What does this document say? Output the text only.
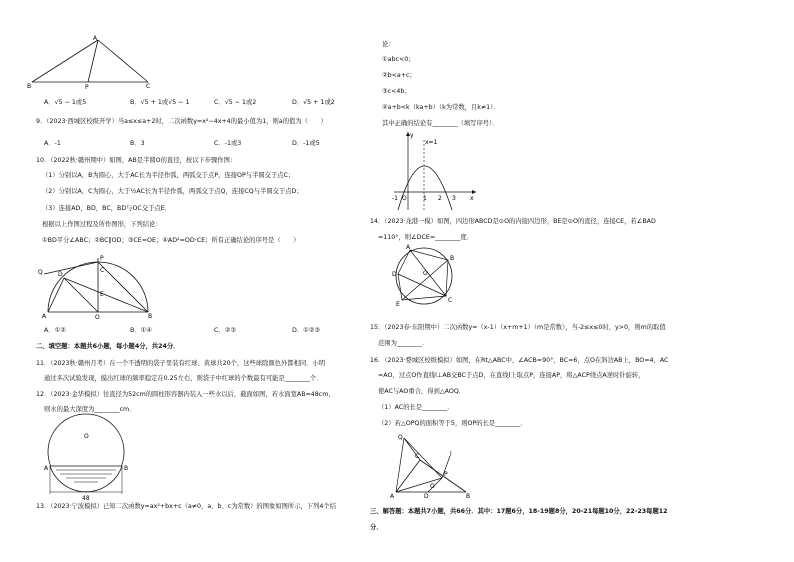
A
B	C
P
A．√5 − 1或5	B．√5 + 1或√5 − 1	C．√5 − 1或2	D．√5 + 1或2
9．（2023·西城区校级开学）当a≤x≤a+2时，二次函数y=x²−4x+4的最小值为1，则a的值为（　　）
A．-1	B．3	C．-1或3	D．-1或5
10．（2022秋·赣州期中）如图，AB是半圆O的直径，按以下步骤作图：
（1）分别以A，B为圆心，大于AC长为半径作弧，两弧交于点P，连接OP与半圆交于点C；
（2）分别以A，C为圆心，大于½AC长为半径作弧，两弧交于点Q，连接CQ与半圆交于点D；
（3）连接AD，BD，BC，BD与OC交于点E．
根据以上作图过程及所作图形，下列结论：
①BD平分∠ABC；②BC∥OD；③CE=OE；④AD²=OD·CE；所有正确结论的序号是（　　）
Q	D
P
C
E
A	O	B
A．①②	B．①④	C．②③	D．①②③
二、填空题：本题共6小题，每小题4分，共24分．
11．（2023秋·赣州月考）在一个不透明的袋子里装有红球、黄球共20个，这些球除颜色外都相同．小明
通过多次试验发现，摸出红球的频率稳定在0.25左右，则袋子中红球的个数最有可能是________个．
12．（2023·金华模拟）往直径为52cm的圆柱形容器内装入一些水以后，截面如图，若水面宽AB=48cm，
则水的最大深度为________cm．
O
A	B
48
13．（2023·宁波模拟）已知二次函数y=ax²+bx+c（a≠0，a、b、c为常数）的图象如图所示，下列4个结
论：
①abc<0；
②b<a+c；
③c<4b；
④a+b<k（ka+b）（k为常数，且k≠1）．
其中正确的结论有________（填写序号）．
y
x
x=1
O
-1	1 2 3
14．（2023·龙港一模）如图，四边形ABCD是⊙O的内接四边形，BE是⊙O的直径，连接CE，若∠BAD
=110°，则∠DCE=________度．
A
B
C
D
E
O
15．（2023春·东阳期中）二次函数y=（x-1）（x+m+1）（m是常数），当-2≤x≤0时，y>0，则m的取值
范围为________．
16．（2023·婺城区校级模拟）如图，在Rt△ABC中，∠ACB=90°，BC=6，点O在斜边AB上，BO=4，AC
=AO，过点O作直线l⊥AB交BC于点D，在直线l上取点P，连接AP，将△ACP绕点A逆时针旋转，
使AC与AO重合，得到△AOQ．
（1）AC的长是________．
（2）若△OPQ的面积等于5，则OP的长是________．
Q
C
P
O
D
A	B
l
三、解答题：本题共7小题，共66分．其中：17题6分，18-19题8分，20-21每题10分，22-23每题12
分．
